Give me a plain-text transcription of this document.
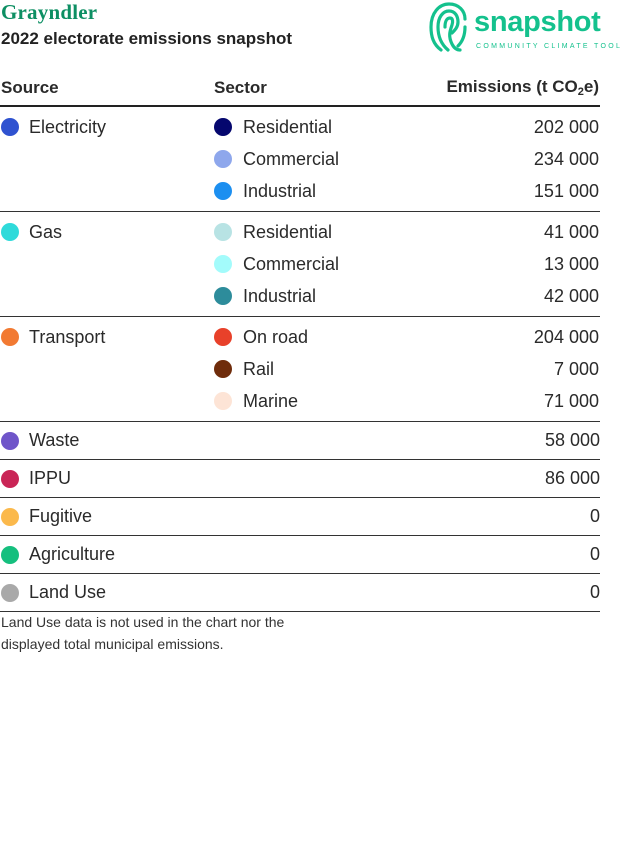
Grayndler
2022 electorate emissions snapshot
snapshot
COMMUNITY CLIMATE TOOL
Source	Sector	Emissions (t $CO_2e$)

Electricity	Residential	202 000

	Commercial	234 000

	Industrial	151 000

Gas	Residential	41 000

	Commercial	13 000

	Industrial	42 000

Transport	On road	204 000

	Rail	7 000

	Marine	71 000

Waste		58 000

IPPU		86 000

Fugitive		0

Agriculture		0

Land Use		0
Land Use data is not used in the chart nor the displayed total municipal emissions.
